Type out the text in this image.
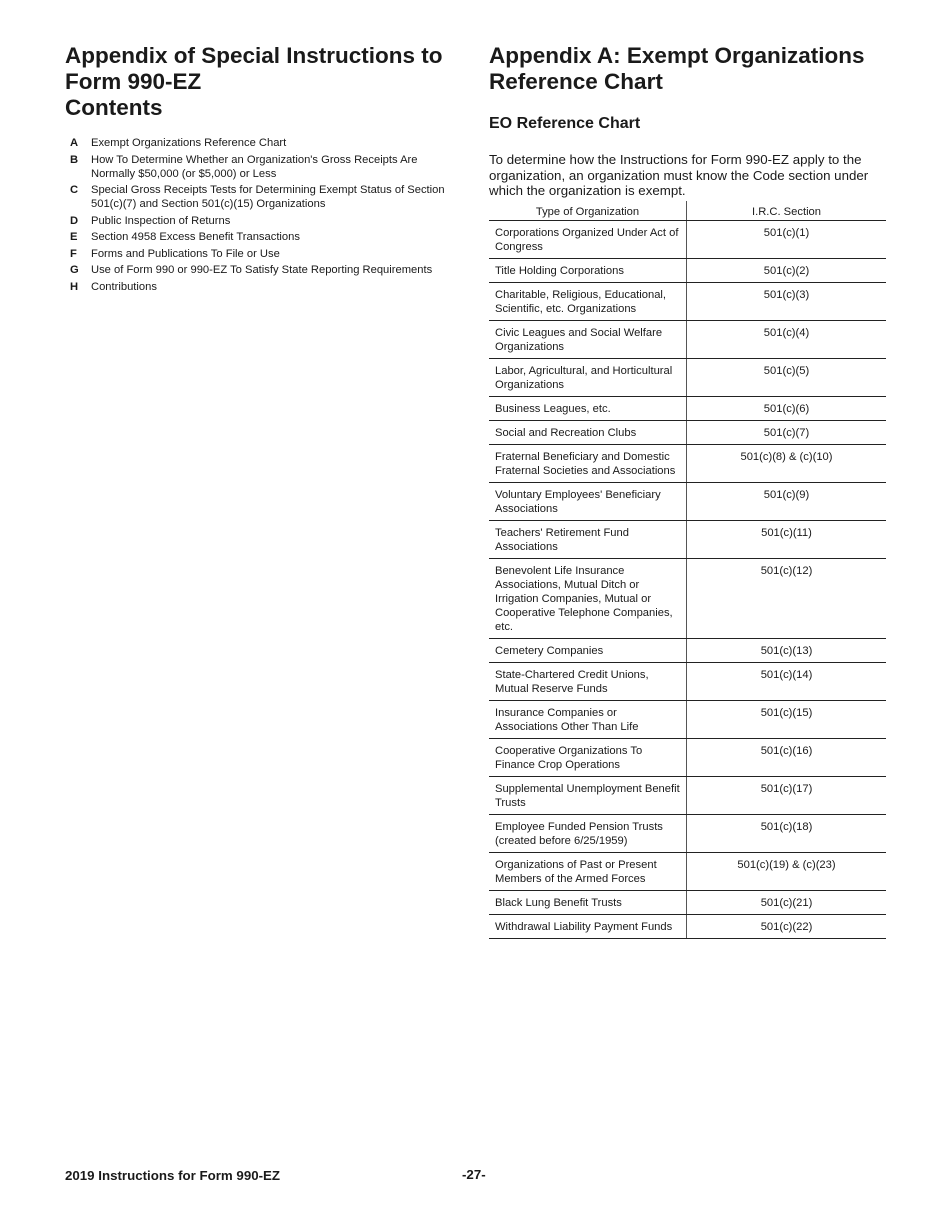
Appendix of Special Instructions to
Form 990-EZ
Contents
A Exempt Organizations Reference Chart
B How To Determine Whether an Organization's Gross Receipts Are Normally $50,000 (or $5,000) or Less
C Special Gross Receipts Tests for Determining Exempt Status of Section 501(c)(7) and Section 501(c)(15) Organizations
D Public Inspection of Returns
E Section 4958 Excess Benefit Transactions
F Forms and Publications To File or Use
G Use of Form 990 or 990-EZ To Satisfy State Reporting Requirements
H Contributions
Appendix A: Exempt Organizations
Reference Chart
EO Reference Chart

To determine how the Instructions for Form 990-EZ apply to the organization, an organization must know the Code section under which the organization is exempt.

Type of Organization	I.R.C. Section
Corporations Organized Under Act of Congress	501(c)(1)
Title Holding Corporations	501(c)(2)
Charitable, Religious, Educational, Scientific, etc. Organizations	501(c)(3)
Civic Leagues and Social Welfare Organizations	501(c)(4)
Labor, Agricultural, and Horticultural Organizations	501(c)(5)
Business Leagues, etc.	501(c)(6)
Social and Recreation Clubs	501(c)(7)
Fraternal Beneficiary and Domestic Fraternal Societies and Associations	501(c)(8) & (c)(10)
Voluntary Employees' Beneficiary Associations	501(c)(9)
Teachers' Retirement Fund Associations	501(c)(11)
Benevolent Life Insurance Associations, Mutual Ditch or Irrigation Companies, Mutual or Cooperative Telephone Companies, etc.	501(c)(12)
Cemetery Companies	501(c)(13)
State-Chartered Credit Unions, Mutual Reserve Funds	501(c)(14)
Insurance Companies or Associations Other Than Life	501(c)(15)
Cooperative Organizations To Finance Crop Operations	501(c)(16)
Supplemental Unemployment Benefit Trusts	501(c)(17)
Employee Funded Pension Trusts (created before 6/25/1959)	501(c)(18)
Organizations of Past or Present Members of the Armed Forces	501(c)(19) & (c)(23)
Black Lung Benefit Trusts	501(c)(21)
Withdrawal Liability Payment Funds	501(c)(22)
2019 Instructions for Form 990-EZ	-27-
